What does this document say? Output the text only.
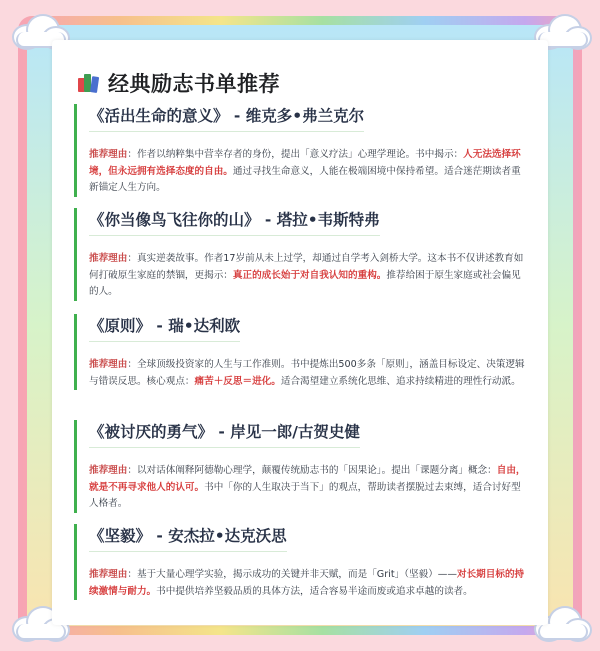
经典励志书单推荐
《活出生命的意义》 - 维克多•弗兰克尔
推荐理由：作者以纳粹集中营幸存者的身份，提出「意义疗法」心理学理论。书中揭示：人无法选择环境，但永远拥有选择态度的自由。通过寻找生命意义，人能在极端困境中保持希望。适合迷茫期读者重新锚定人生方向。
《你当像鸟飞往你的山》 - 塔拉•韦斯特弗
推荐理由：真实逆袭故事。作者17岁前从未上过学，却通过自学考入剑桥大学。这本书不仅讲述教育如何打破原生家庭的禁锢，更揭示：真正的成长始于对自我认知的重构。推荐给困于原生家庭或社会偏见的人。
《原则》 - 瑞•达利欧
推荐理由：全球顶级投资家的人生与工作准则。书中提炼出500多条「原则」，涵盖目标设定、决策逻辑与错误反思。核心观点：痛苦＋反思＝进化。适合渴望建立系统化思维、追求持续精进的理性行动派。
《被讨厌的勇气》 - 岸见一郎/古贺史健
推荐理由：以对话体阐释阿德勒心理学，颠覆传统励志书的「因果论」。提出「课题分离」概念：自由，就是不再寻求他人的认可。书中「你的人生取决于当下」的观点，帮助读者摆脱过去束缚，适合讨好型人格者。
《坚毅》 - 安杰拉•达克沃思
推荐理由：基于大量心理学实验，揭示成功的关键并非天赋，而是「Grit」（坚毅）——对长期目标的持续激情与耐力。书中提供培养坚毅品质的具体方法，适合容易半途而废或追求卓越的读者。
